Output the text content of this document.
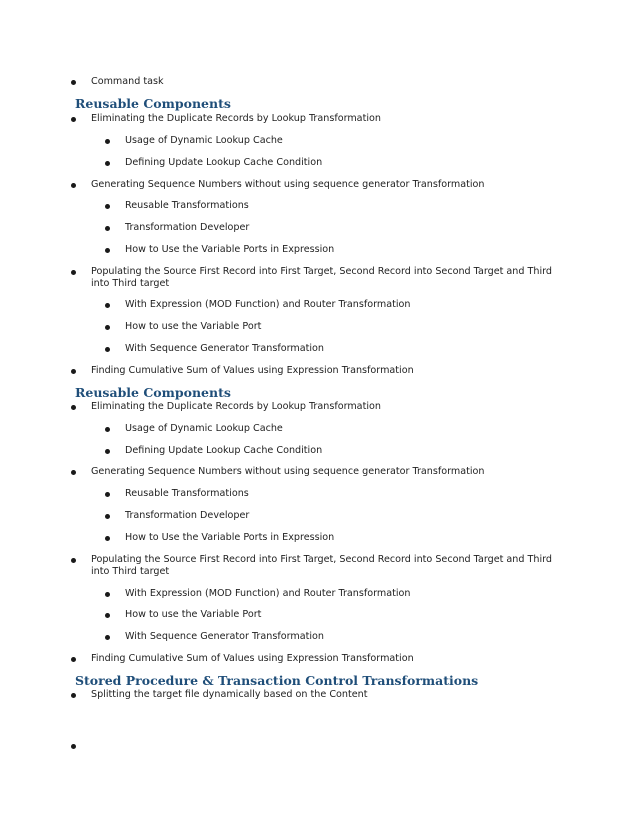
Command task
Reusable Components
Eliminating the Duplicate Records by Lookup Transformation
Usage of Dynamic Lookup Cache
Defining Update Lookup Cache Condition
Generating Sequence Numbers without using sequence generator Transformation
Reusable Transformations
Transformation Developer
How to Use the Variable Ports in Expression
Populating the Source First Record into First Target, Second Record into Second Target and Third into Third target
With Expression (MOD Function) and Router Transformation
How to use the Variable Port
With Sequence Generator Transformation
Finding Cumulative Sum of Values using Expression Transformation
Reusable Components
Eliminating the Duplicate Records by Lookup Transformation
Usage of Dynamic Lookup Cache
Defining Update Lookup Cache Condition
Generating Sequence Numbers without using sequence generator Transformation
Reusable Transformations
Transformation Developer
How to Use the Variable Ports in Expression
Populating the Source First Record into First Target, Second Record into Second Target and Third into Third target
With Expression (MOD Function) and Router Transformation
How to use the Variable Port
With Sequence Generator Transformation
Finding Cumulative Sum of Values using Expression Transformation
Stored Procedure & Transaction Control Transformations
Splitting the target file dynamically based on the Content
